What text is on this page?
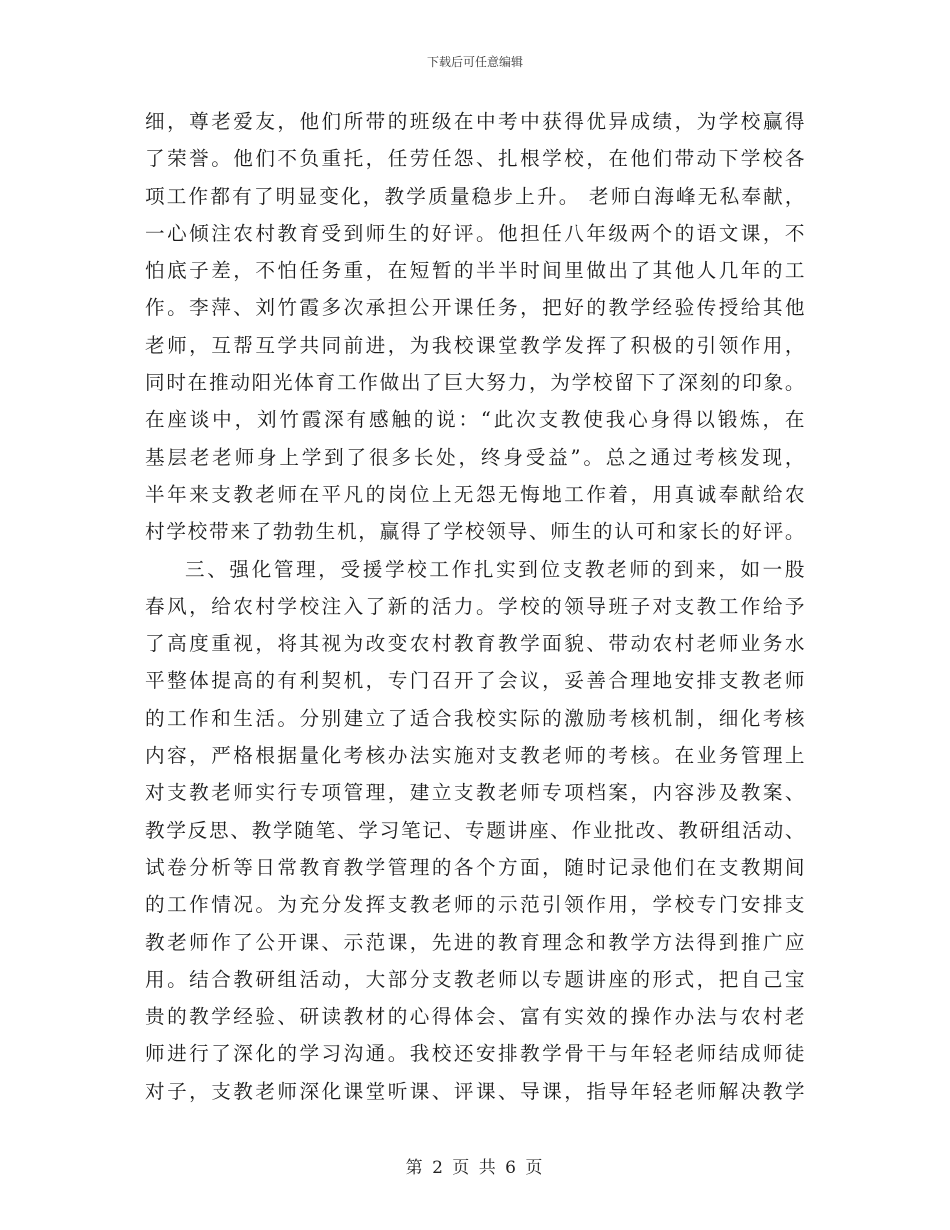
下载后可任意编辑
细，尊老爱友，他们所带的班级在中考中获得优异成绩，为学校赢得
了荣誉。他们不负重托，任劳任怨、扎根学校，在他们带动下学校各
项工作都有了明显变化，教学质量稳步上升。 老师白海峰无私奉献，
一心倾注农村教育受到师生的好评。他担任八年级两个的语文课，不
怕底子差，不怕任务重，在短暂的半半时间里做出了其他人几年的工
作。李萍、刘竹霞多次承担公开课任务，把好的教学经验传授给其他
老师，互帮互学共同前进，为我校课堂教学发挥了积极的引领作用，
同时在推动阳光体育工作做出了巨大努力，为学校留下了深刻的印象。
在座谈中，刘竹霞深有感触的说：“此次支教使我心身得以锻炼，在
基层老老师身上学到了很多长处，终身受益”。总之通过考核发现，
半年来支教老师在平凡的岗位上无怨无悔地工作着，用真诚奉献给农
村学校带来了勃勃生机，赢得了学校领导、师生的认可和家长的好评。
三、强化管理，受援学校工作扎实到位支教老师的到来，如一股
春风，给农村学校注入了新的活力。学校的领导班子对支教工作给予
了高度重视，将其视为改变农村教育教学面貌、带动农村老师业务水
平整体提高的有利契机，专门召开了会议，妥善合理地安排支教老师
的工作和生活。分别建立了适合我校实际的激励考核机制，细化考核
内容，严格根据量化考核办法实施对支教老师的考核。在业务管理上
对支教老师实行专项管理，建立支教老师专项档案，内容涉及教案、
教学反思、教学随笔、学习笔记、专题讲座、作业批改、教研组活动、
试卷分析等日常教育教学管理的各个方面，随时记录他们在支教期间
的工作情况。为充分发挥支教老师的示范引领作用，学校专门安排支
教老师作了公开课、示范课，先进的教育理念和教学方法得到推广应
用。结合教研组活动，大部分支教老师以专题讲座的形式，把自己宝
贵的教学经验、研读教材的心得体会、富有实效的操作办法与农村老
师进行了深化的学习沟通。我校还安排教学骨干与年轻老师结成师徒
对子，支教老师深化课堂听课、评课、导课，指导年轻老师解决教学
第 2 页 共 6 页
